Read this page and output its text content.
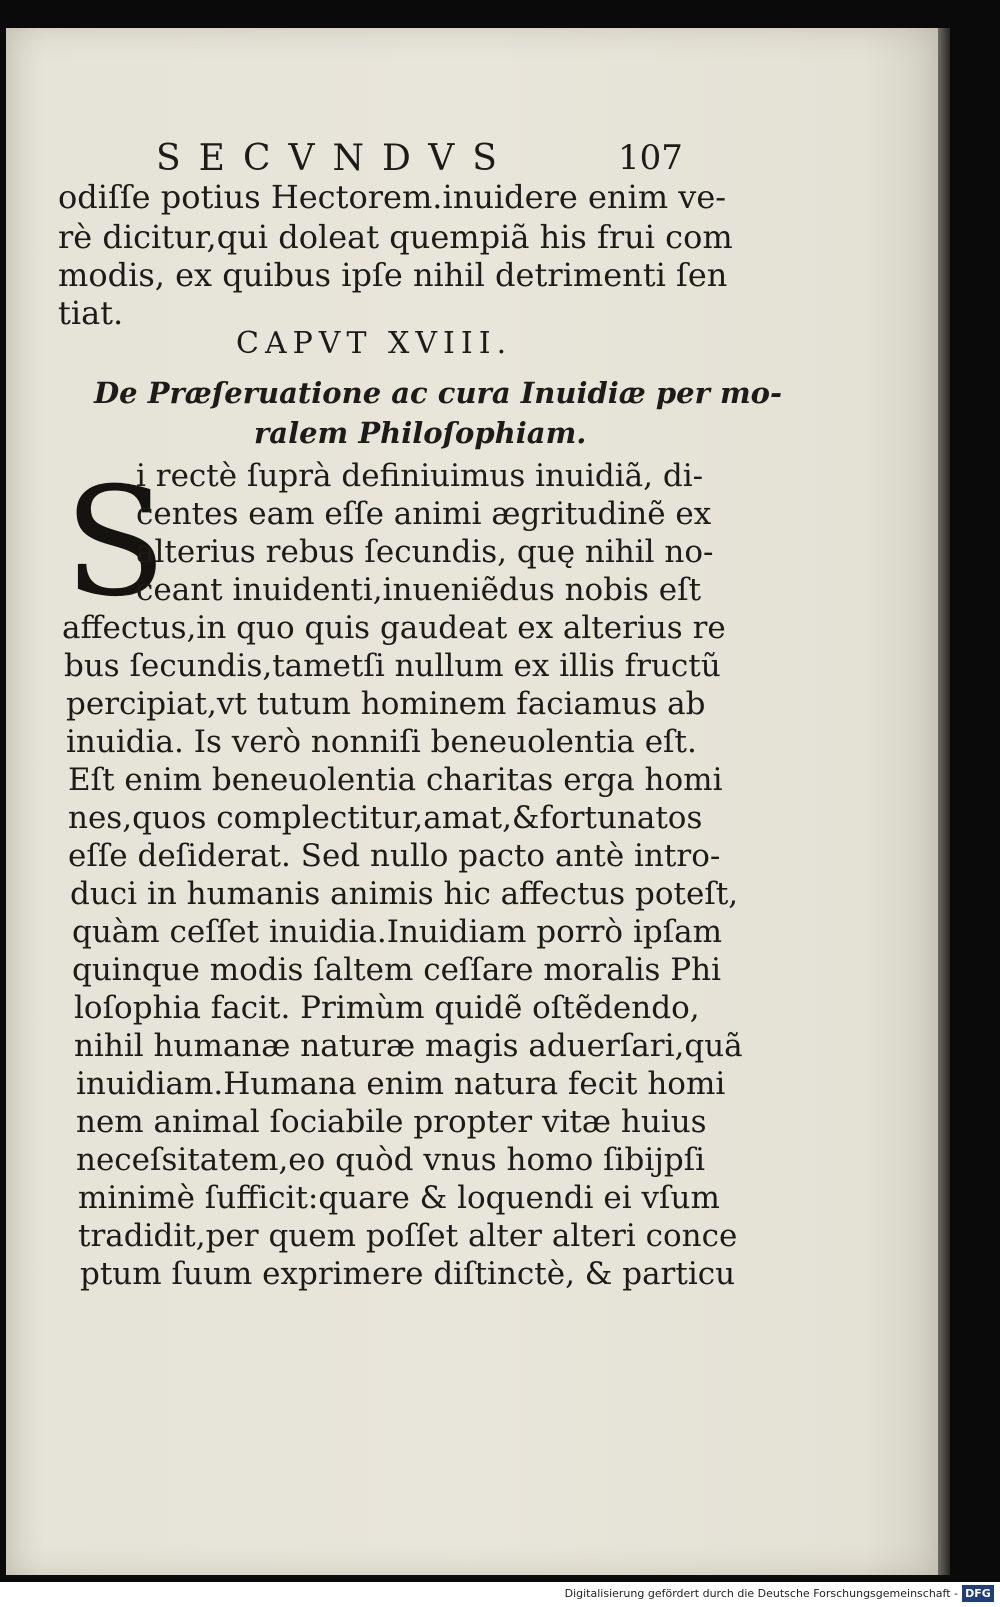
SECVNDVS	107
odiſſe potius Hectorem.inuidere enim ve-
rè dicitur,qui doleat quempiã his frui com
modis, ex quibus ipſe nihil detrimenti ſen
tiat.
CAPVT XVIII.
De Præſeruatione ac cura Inuidiæ per mo-
ralem Philoſophiam.
S
i rectè ſuprà definiuimus inuidiã, di-
centes eam eſſe animi ægritudinẽ ex
alterius rebus ſecundis, quę nihil no-
ceant inuidenti,inueniẽdus nobis eſt
affectus,in quo quis gaudeat ex alterius re
bus ſecundis,tametſi nullum ex illis fructũ
percipiat,vt tutum hominem faciamus ab
inuidia. Is verò nonniſi beneuolentia eſt.
Eſt enim beneuolentia charitas erga homi
nes,quos complectitur,amat,&fortunatos
eſſe deſiderat. Sed nullo pacto antè intro-
duci in humanis animis hic affectus poteſt,
quàm ceſſet inuidia.Inuidiam porrò ipſam
quinque modis ſaltem ceſſare moralis Phi
loſophia facit. Primùm quidẽ oſtẽdendo,
nihil humanæ naturæ magis aduerſari,quã
inuidiam.Humana enim natura fecit homi
nem animal ſociabile propter vitæ huius
neceſsitatem,eo quòd vnus homo ſibijpſi
minimè ſufficit:quare & loquendi ei vſum
tradidit,per quem poſſet alter alteri conce
ptum ſuum exprimere diſtinctè, & particu
Digitalisierung gefördert durch die Deutsche Forschungsgemeinschaft - DFG
